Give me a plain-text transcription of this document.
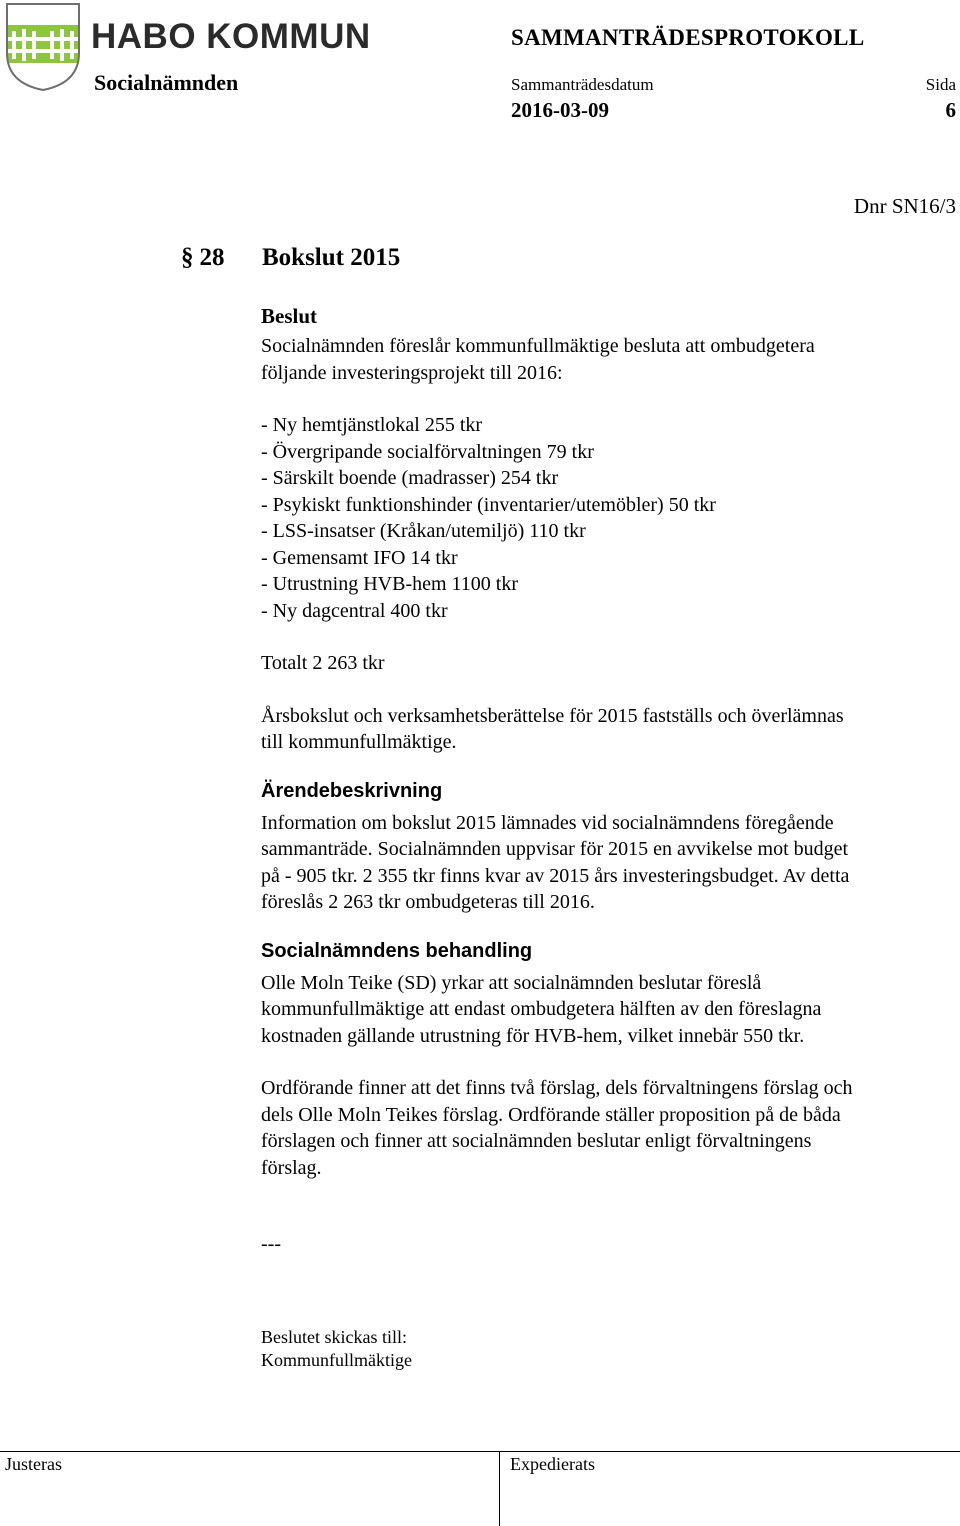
HABO KOMMUN	SAMMANTRÄDESPROTOKOLL
Socialnämnden	Sammanträdesdatum	Sida
2016-03-09	6
Dnr SN16/3
§ 28 Bokslut 2015
Beslut

Socialnämnden föreslår kommunfullmäktige besluta att ombudgetera
följande investeringsprojekt till 2016:

- Ny hemtjänstlokal 255 tkr
- Övergripande socialförvaltningen 79 tkr
- Särskilt boende (madrasser) 254 tkr
- Psykiskt funktionshinder (inventarier/utemöbler) 50 tkr
- LSS-insatser (Kråkan/utemiljö) 110 tkr
- Gemensamt IFO 14 tkr
- Utrustning HVB-hem 1100 tkr
- Ny dagcentral 400 tkr

Totalt 2 263 tkr

Årsbokslut och verksamhetsberättelse för 2015 fastställs och överlämnas
till kommunfullmäktige.

Ärendebeskrivning

Information om bokslut 2015 lämnades vid socialnämndens föregående
sammanträde. Socialnämnden uppvisar för 2015 en avvikelse mot budget
på - 905 tkr. 2 355 tkr finns kvar av 2015 års investeringsbudget. Av detta
föreslås 2 263 tkr ombudgeteras till 2016.

Socialnämndens behandling

Olle Moln Teike (SD) yrkar att socialnämnden beslutar föreslå
kommunfullmäktige att endast ombudgetera hälften av den föreslagna
kostnaden gällande utrustning för HVB-hem, vilket innebär 550 tkr.

Ordförande finner att det finns två förslag, dels förvaltningens förslag och
dels Olle Moln Teikes förslag. Ordförande ställer proposition på de båda
förslagen och finner att socialnämnden beslutar enligt förvaltningens
förslag.

---

Beslutet skickas till:
Kommunfullmäktige

Justeras	Expedierats
